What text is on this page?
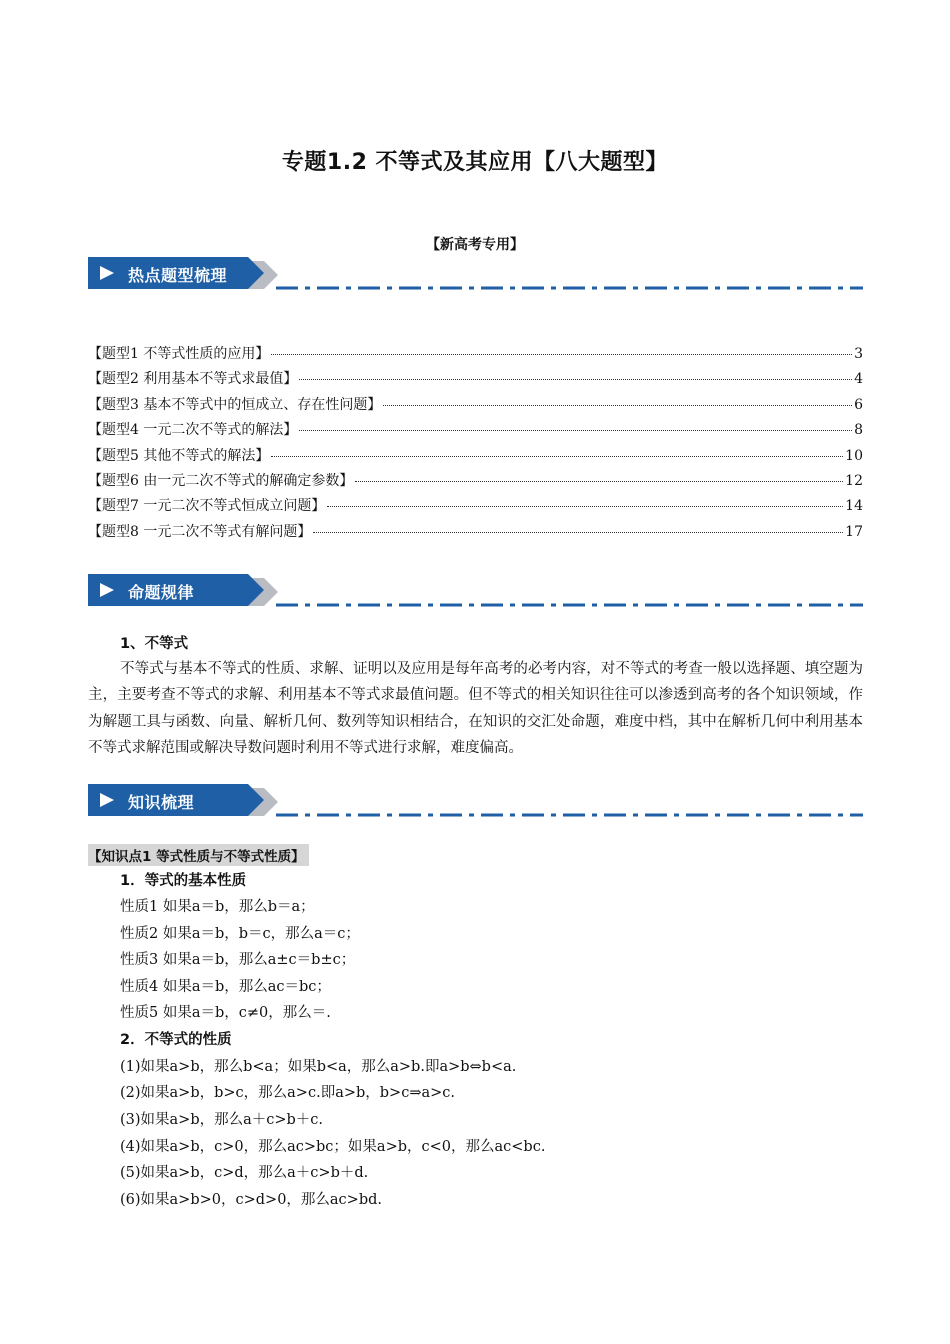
专题1.2 不等式及其应用【八大题型】
【新高考专用】
热点题型梳理
【题型1 不等式性质的应用】	3
【题型2 利用基本不等式求最值】	4
【题型3 基本不等式中的恒成立、存在性问题】	6
【题型4 一元二次不等式的解法】	8
【题型5 其他不等式的解法】	10
【题型6 由一元二次不等式的解确定参数】	12
【题型7 一元二次不等式恒成立问题】	14
【题型8 一元二次不等式有解问题】	17
命题规律
1、不等式
不等式与基本不等式的性质、求解、证明以及应用是每年高考的必考内容，对不等式的考查一般以选择题、填空题为主，主要考查不等式的求解、利用基本不等式求最值问题。但不等式的相关知识往往可以渗透到高考的各个知识领域，作为解题工具与函数、向量、解析几何、数列等知识相结合，在知识的交汇处命题，难度中档，其中在解析几何中利用基本不等式求解范围或解决导数问题时利用不等式进行求解，难度偏高。
知识梳理
【知识点1 等式性质与不等式性质】
1．等式的基本性质
性质1 如果a＝b，那么b＝a；
性质2 如果a＝b，b＝c，那么a＝c；
性质3 如果a＝b，那么a±c＝b±c；
性质4 如果a＝b，那么ac＝bc；
性质5 如果a＝b，c≠0，那么＝.
2．不等式的性质
(1)如果a>b，那么b<a；如果b<a，那么a>b.即a>b⇔b<a.
(2)如果a>b，b>c，那么a>c.即a>b，b>c⇒a>c.
(3)如果a>b，那么a＋c>b＋c.
(4)如果a>b，c>0，那么ac>bc；如果a>b，c<0，那么ac<bc.
(5)如果a>b，c>d，那么a＋c>b＋d.
(6)如果a>b>0，c>d>0，那么ac>bd.
